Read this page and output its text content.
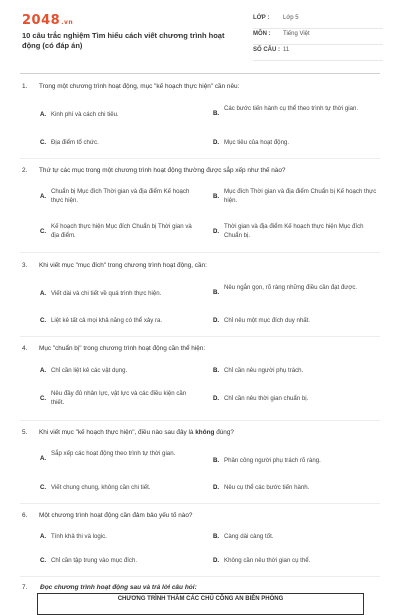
2048.vn
10 câu trắc nghiệm Tìm hiểu cách viết chương trình hoạt động (có đáp án)
LỚP : Lớp 5
MÔN : Tiếng Việt
SỐ CÂU : 11
1. Trong một chương trình hoạt động, mục "kế hoạch thực hiện" cần nêu:
A. Kinh phí và cách chi tiêu.	B.
Các bước tiến hành cụ thể theo trình tự thời gian.
C. Địa điểm tổ chức.	D. Mục tiêu của hoạt động.
2. Thứ tự các mục trong một chương trình hoạt động thường được sắp xếp như thế nào?
A.
Chuẩn bị Mục đích Thời gian và địa điểm Kế hoạch thực hiện.
B.
Mục đích Thời gian và địa điểm Chuẩn bị Kế hoạch thực hiện.
C.
Kế hoạch thực hiện Mục đích Chuẩn bị Thời gian và địa điểm.
D.
Thời gian và địa điểm Kế hoạch thực hiện Mục đích Chuẩn bị.
3. Khi viết mục "mục đích" trong chương trình hoạt động, cần:
A. Viết dài và chi tiết về quá trình thực hiện.	B.
Nêu ngắn gọn, rõ ràng những điều cần đạt được.
C. Liệt kê tất cả mọi khả năng có thể xảy ra.	D. Chỉ nêu một mục đích duy nhất.
4. Mục "chuẩn bị" trong chương trình hoạt động cần thể hiện:
A. Chỉ cần liệt kê các vật dụng.	B. Chỉ cần nêu người phụ trách.
C.
Nêu đầy đủ nhân lực, vật lực và các điều kiện cần thiết.
D. Chỉ cần nêu thời gian chuẩn bị.
5. Khi viết mục "kế hoạch thực hiện", điều nào sau đây là không đúng?
A.
Sắp xếp các hoạt động theo trình tự thời gian.
B. Phân công người phụ trách rõ ràng.
C. Viết chung chung, không cần chi tiết.	D. Nêu cụ thể các bước tiến hành.
6. Một chương trình hoạt động cần đảm bảo yếu tố nào?
A. Tính khả thi và logic.	B. Càng dài càng tốt.
C. Chỉ cần tập trung vào mục đích.	D. Không cần nêu thời gian cụ thể.
7. Đọc chương trình hoạt động sau và trả lời câu hỏi:
CHƯƠNG TRÌNH THĂM CÁC CHÚ CÔNG AN BIÊN PHÒNG
